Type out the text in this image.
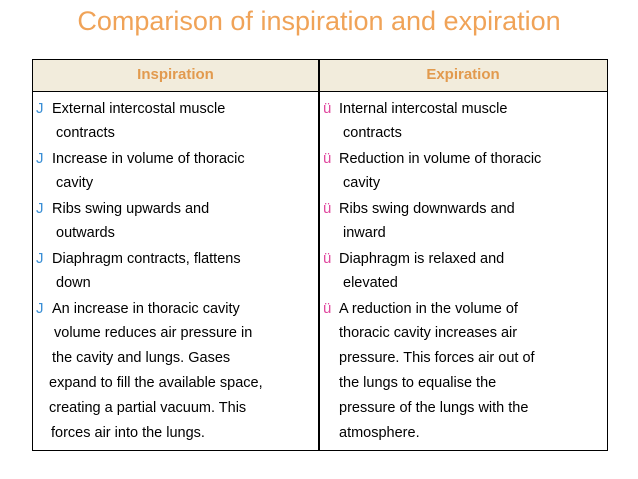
Comparison of inspiration and expiration
Inspiration	Expiration
J External intercostal muscle
contracts
J Increase in volume of thoracic
cavity
J Ribs swing upwards and
outwards
J Diaphragm contracts, flattens
down
J An increase in thoracic cavity
volume reduces air pressure in
the cavity and lungs. Gases
expand to fill the available space,
creating a partial vacuum. This
forces air into the lungs.
ü Internal intercostal muscle
contracts
ü Reduction in volume of thoracic
cavity
ü Ribs swing downwards and
inward
ü Diaphragm is relaxed and
elevated
ü A reduction in the volume of
thoracic cavity increases air
pressure. This forces air out of
the lungs to equalise the
pressure of the lungs with the
atmosphere.
